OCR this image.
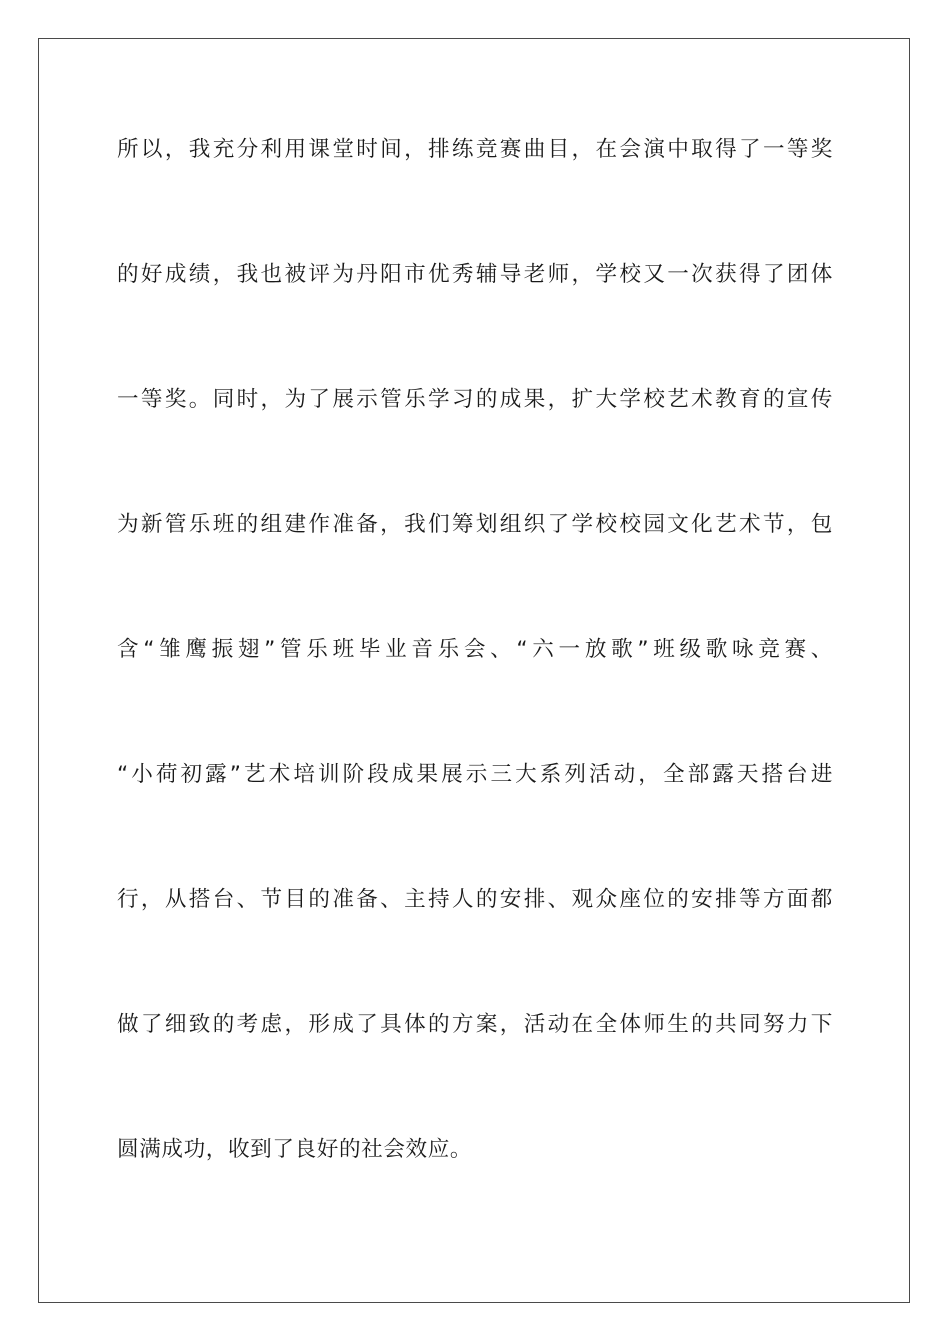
所以，我充分利用课堂时间，排练竞赛曲目，在会演中取得了一等奖
的好成绩，我也被评为丹阳市优秀辅导老师，学校又一次获得了团体
一等奖。同时，为了展示管乐学习的成果，扩大学校艺术教育的宣传
为新管乐班的组建作准备，我们筹划组织了学校校园文化艺术节，包
含“雏鹰振翅”管乐班毕业音乐会、“六一放歌”班级歌咏竞赛、
“小荷初露”艺术培训阶段成果展示三大系列活动，全部露天搭台进
行，从搭台、节目的准备、主持人的安排、观众座位的安排等方面都
做了细致的考虑，形成了具体的方案，活动在全体师生的共同努力下
圆满成功，收到了良好的社会效应。
